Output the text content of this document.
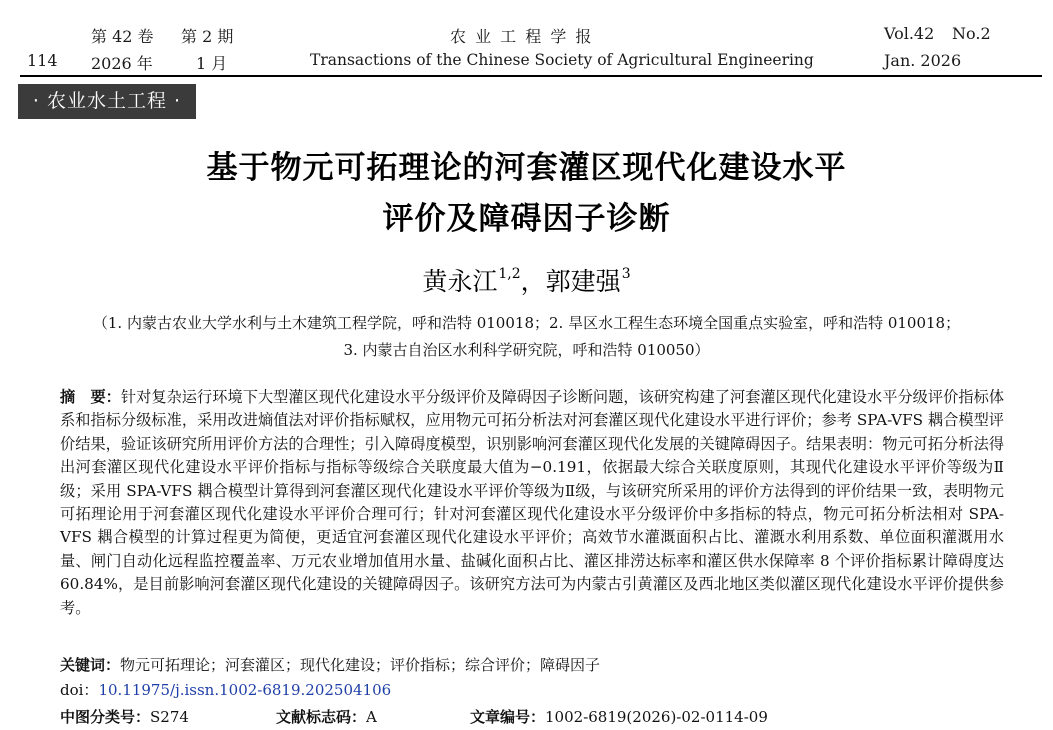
第 42 卷 第 2 期
114 2026 年	1 月
农 业 工 程 学 报
Transactions of the Chinese Society of Agricultural Engineering
Vol.42 No.2
Jan. 2026
· 农业水土工程 ·
基于物元可拓理论的河套灌区现代化建设水平
评价及障碍因子诊断
黄永江$^{1,2}$，郭建强$^3$
（1. 内蒙古农业大学水利与土木建筑工程学院，呼和浩特 010018；2. 旱区水工程生态环境全国重点实验室，呼和浩特 010018；
3. 内蒙古自治区水利科学研究院，呼和浩特 010050）
摘　要：针对复杂运行环境下大型灌区现代化建设水平分级评价及障碍因子诊断问题，该研究构建了河套灌区现代化建设水平分级评价指标体系和指标分级标准，采用改进熵值法对评价指标赋权，应用物元可拓分析法对河套灌区现代化建设水平进行评价；参考 SPA-VFS 耦合模型评价结果，验证该研究所用评价方法的合理性；引入障碍度模型，识别影响河套灌区现代化发展的关键障碍因子。结果表明：物元可拓分析法得出河套灌区现代化建设水平评价指标与指标等级综合关联度最大值为−0.191，依据最大综合关联度原则，其现代化建设水平评价等级为Ⅱ级；采用 SPA-VFS 耦合模型计算得到河套灌区现代化建设水平评价等级为Ⅱ级，与该研究所采用的评价方法得到的评价结果一致，表明物元可拓理论用于河套灌区现代化建设水平评价合理可行；针对河套灌区现代化建设水平分级评价中多指标的特点，物元可拓分析法相对 SPA-VFS 耦合模型的计算过程更为简便，更适宜河套灌区现代化建设水平评价；高效节水灌溉面积占比、灌溉水利用系数、单位面积灌溉用水量、闸门自动化远程监控覆盖率、万元农业增加值用水量、盐碱化面积占比、灌区排涝达标率和灌区供水保障率 8 个评价指标累计障碍度达 60.84%，是目前影响河套灌区现代化建设的关键障碍因子。该研究方法可为内蒙古引黄灌区及西北地区类似灌区现代化建设水平评价提供参考。
关键词：物元可拓理论；河套灌区；现代化建设；评价指标；综合评价；障碍因子
doi：10.11975/j.issn.1002-6819.202504106
中图分类号：S274	文献标志码：A	文章编号：1002-6819(2026)-02-0114-09
